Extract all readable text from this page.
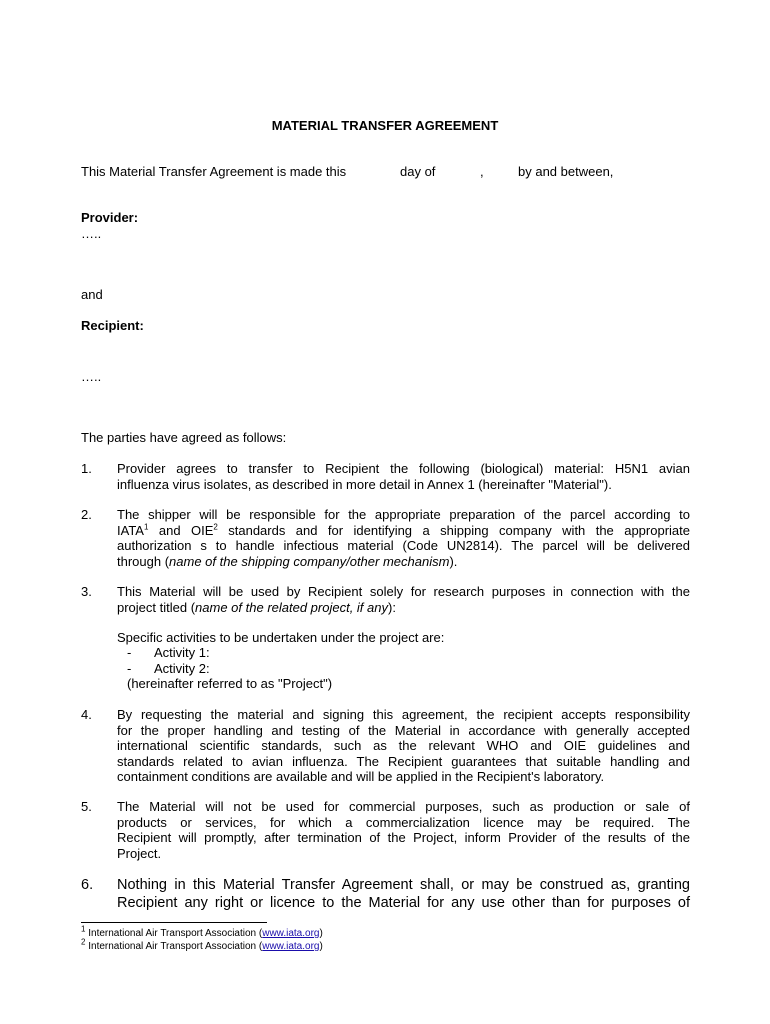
MATERIAL TRANSFER AGREEMENT
This Material Transfer Agreement is made this	day of	,	by and between,
Provider:
…..
and
Recipient:
…..
The parties have agreed as follows:
1. Provider agrees to transfer to Recipient the following (biological) material: H5N1 avian
influenza virus isolates, as described in more detail in Annex 1 (hereinafter "Material").
2. The shipper will be responsible for the appropriate preparation of the parcel according to
IATA$^1$ and OIE$^2$ standards and for identifying a shipping company with the appropriate
authorization s to handle infectious material (Code UN2814). The parcel will be delivered
through (name of the shipping company/other mechanism).
3. This Material will be used by Recipient solely for research purposes in connection with the
project titled (name of the related project, if any):
Specific activities to be undertaken under the project are:
- Activity 1:
- Activity 2:
(hereinafter referred to as "Project")
4. By requesting the material and signing this agreement, the recipient accepts responsibility
for the proper handling and testing of the Material in accordance with generally accepted
international scientific standards, such as the relevant WHO and OIE guidelines and
standards related to avian influenza. The Recipient guarantees that suitable handling and
containment conditions are available and will be applied in the Recipient's laboratory.
5. The Material will not be used for commercial purposes, such as production or sale of
products or services, for which a commercialization licence may be required. The
Recipient will promptly, after termination of the Project, inform Provider of the results of the
Project.
6. Nothing in this Material Transfer Agreement shall, or may be construed as, granting
Recipient any right or licence to the Material for any use other than for purposes of
$^1$ International Air Transport Association (www.iata.org)
$^2$ International Air Transport Association (www.iata.org)
